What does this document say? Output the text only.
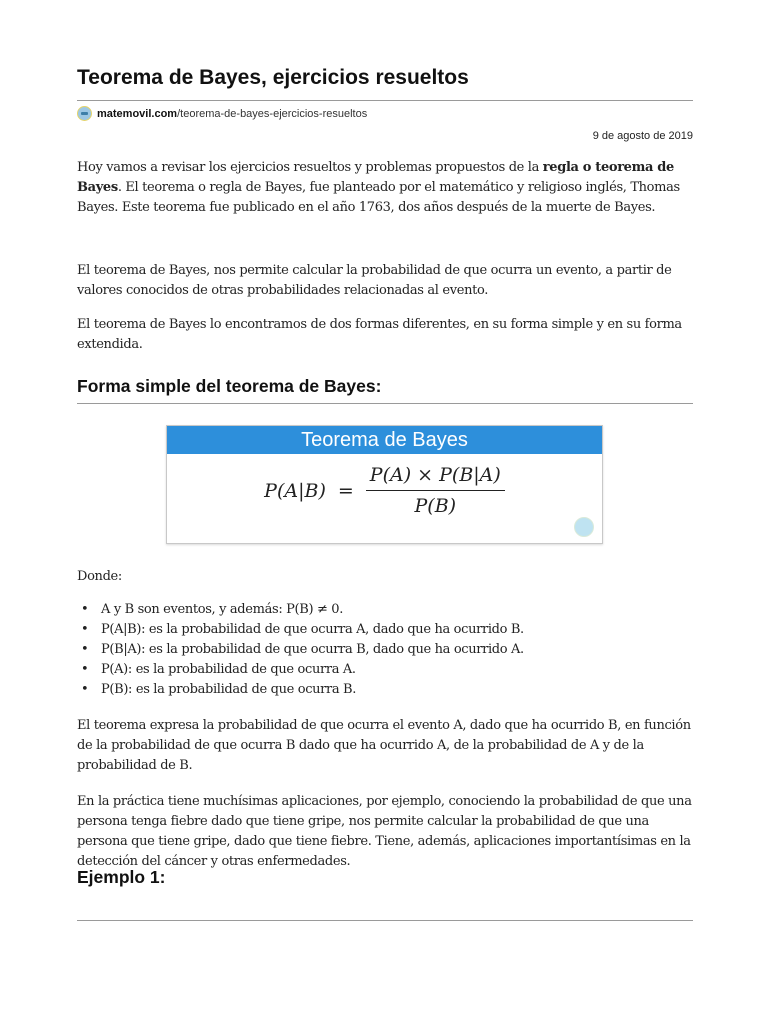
Teorema de Bayes, ejercicios resueltos
matemovil.com /teorema-de-bayes-ejercicios-resueltos
9 de agosto de 2019

Hoy vamos a revisar los ejercicios resueltos y problemas propuestos de la regla o teorema de Bayes. El teorema o regla de Bayes, fue planteado por el matemático y religioso inglés, Thomas Bayes. Este teorema fue publicado en el año 1763, dos años después de la muerte de Bayes.

El teorema de Bayes, nos permite calcular la probabilidad de que ocurra un evento, a partir de valores conocidos de otras probabilidades relacionadas al evento.

El teorema de Bayes lo encontramos de dos formas diferentes, en su forma simple y en su forma extendida.

Forma simple del teorema de Bayes:
Teorema de Bayes
$P(A|B) = \frac{P(A) \times P(B|A)}{P(B)}$

Donde:

• A y B son eventos, y además: P(B) ≠ 0.
• P(A|B): es la probabilidad de que ocurra A, dado que ha ocurrido B.
• P(B|A): es la probabilidad de que ocurra B, dado que ha ocurrido A.
• P(A): es la probabilidad de que ocurra A.
• P(B): es la probabilidad de que ocurra B.

El teorema expresa la probabilidad de que ocurra el evento A, dado que ha ocurrido B, en función de la probabilidad de que ocurra B dado que ha ocurrido A, de la probabilidad de A y de la probabilidad de B.

En la práctica tiene muchísimas aplicaciones, por ejemplo, conociendo la probabilidad de que una persona tenga fiebre dado que tiene gripe, nos permite calcular la probabilidad de que una persona que tiene gripe, dado que tiene fiebre. Tiene, además, aplicaciones importantísimas en la detección del cáncer y otras enfermedades.

Ejemplo 1:
